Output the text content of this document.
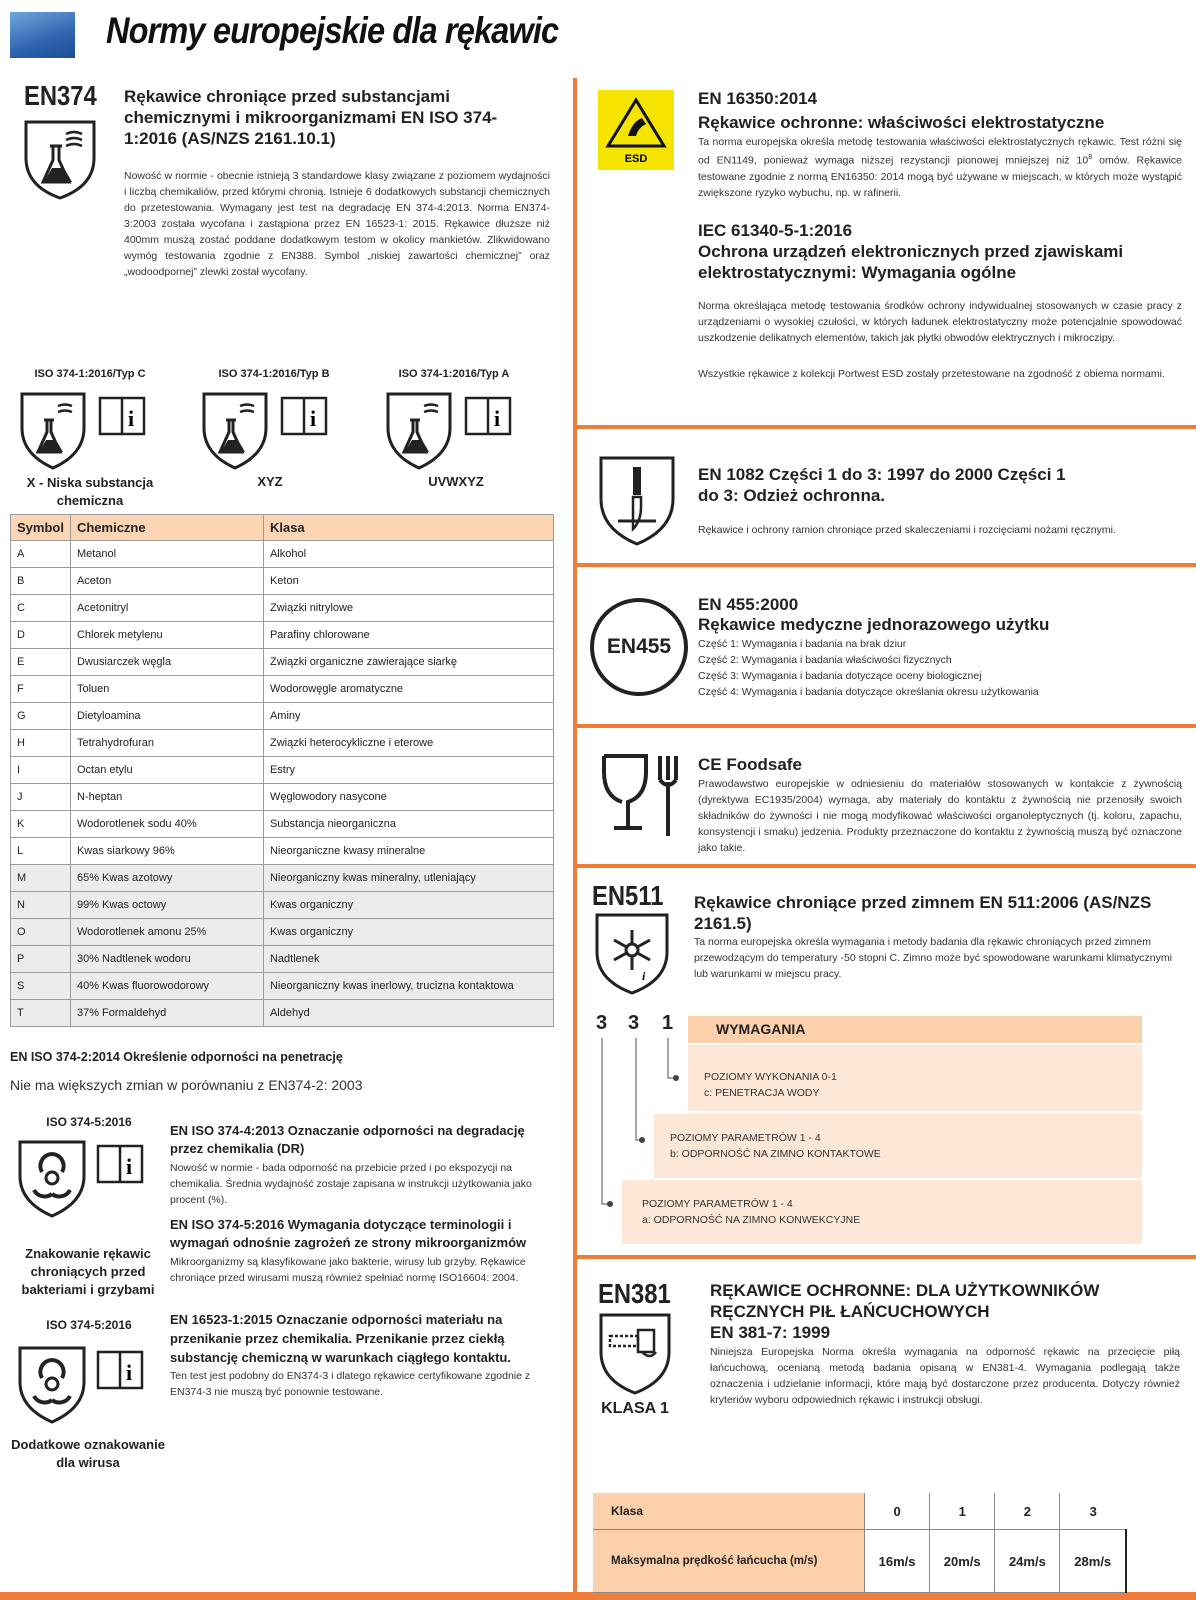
Normy europejskie dla rękawic
EN374 Rękawice chroniące przed substancjami chemicznymi i mikroorganizmami EN ISO 374-1:2016 (AS/NZS 2161.10.1)
Nowość w normie - obecnie istnieją 3 standardowe klasy związane z poziomem wydajności i liczbą chemikaliów, przed którymi chronią. Istnieje 6 dodatkowych substancji chemicznych do przetestowania. Wymagany jest test na degradację EN 374-4:2013. Norma EN374-3:2003 została wycofana i zastąpiona przez EN 16523-1: 2015. Rękawice dłuższe niż 400mm muszą zostać poddane dodatkowym testom w okolicy mankietów. Zlikwidowano wymóg testowania zgodnie z EN388. Symbol „niskiej zawartości chemicznej” oraz „wodoodpornej” zlewki został wycofany.
ISO 374-1:2016/Typ C	ISO 374-1:2016/Typ B	ISO 374-1:2016/Typ A
i	i	i
X - Niska substancja chemiczna
XYZ	UVWXYZ
Symbol	Chemiczne	Klasa
A	Metanol	Alkohol
B	Aceton	Keton
C	Acetonitryl	Związki nitrylowe
D	Chlorek metylenu	Parafiny chlorowane
E	Dwusiarczek węgla	Związki organiczne zawierające siarkę
F	Toluen	Wodorowęgle aromatyczne
G	Dietyloamina	Aminy
H	Tetrahydrofuran	Związki heterocykliczne i eterowe
I	Octan etylu	Estry
J	N-heptan	Węglowodory nasycone
K	Wodorotlenek sodu 40%	Substancja nieorganiczna
L	Kwas siarkowy 96%	Nieorganiczne kwasy mineralne
M	65% Kwas azotowy	Nieorganiczny kwas mineralny, utleniający
N	99% Kwas octowy	Kwas organiczny
O	Wodorotlenek amonu 25%	Kwas organiczny
P	30% Nadtlenek wodoru	Nadtlenek
S	40% Kwas fluorowodorowy	Nieorganiczny kwas inerlowy, trucizna kontaktowa
T	37% Formaldehyd	Aldehyd
EN ISO 374-2:2014 Określenie odporności na penetrację
Nie ma większych zmian w porównaniu z EN374-2: 2003
ISO 374-5:2016
i
Znakowanie rękawic chroniących przed bakteriami i grzybami
ISO 374-5:2016
i
Dodatkowe oznakowanie dla wirusa
EN ISO 374-4:2013 Oznaczanie odporności na degradację przez chemikalia (DR)
Nowość w normie - bada odporność na przebicie przed i po ekspozycji na chemikalia. Średnia wydajność zostaje zapisana w instrukcji użytkowania jako procent (%).
EN ISO 374-5:2016 Wymagania dotyczące terminologii i wymagań odnośnie zagrożeń ze strony mikroorganizmów
Mikroorganizmy są klasyfikowane jako bakterie, wirusy lub grzyby. Rękawice chroniące przed wirusami muszą również spełniać normę ISO16604: 2004.
EN 16523-1:2015 Oznaczanie odporności materiału na przenikanie przez chemikalia. Przenikanie przez ciekłą substancję chemiczną w warunkach ciągłego kontaktu.
Ten test jest podobny do EN374-3 i dlatego rękawice certyfikowane zgodnie z EN374-3 nie muszą być ponownie testowane.
ESD
EN 16350:2014
Rękawice ochronne: właściwości elektrostatyczne
Ta norma europejska określa metodę testowania właściwości elektrostatycznych rękawic. Test różni się od EN1149, ponieważ wymaga niższej rezystancji pionowej mniejszej niż $10^8$ omów. Rękawice testowane zgodnie z normą EN16350: 2014 mogą być używane w miejscach, w których może wystąpić zwiększone ryzyko wybuchu, np. w rafinerii.
IEC 61340-5-1:2016
Ochrona urządzeń elektronicznych przed zjawiskami elektrostatycznymi: Wymagania ogólne
Norma określająca metodę testowania środków ochrony indywidualnej stosowanych w czasie pracy z urządzeniami o wysokiej czułości, w których ładunek elektrostatyczny może potencjalnie spowodować uszkodzenie delikatnych elementów, takich jak płytki obwodów elektrycznych i mikroczipy.
Wszystkie rękawice z kolekcji Portwest ESD zostały przetestowane na zgodność z obiema normami.
EN 1082 Części 1 do 3: 1997 do 2000 Części 1 do 3: Odzież ochronna.
Rękawice i ochrony ramion chroniące przed skaleczeniami i rozcięciami nożami ręcznymi.
EN455
EN 455:2000
Rękawice medyczne jednorazowego użytku
Część 1: Wymagania i badania na brak dziur
Część 2: Wymagania i badania właściwości fizycznych
Część 3: Wymagania i badania dotyczące oceny biologicznej
Część 4: Wymagania i badania dotyczące określania okresu użytkowania
CE Foodsafe
Prawodawstwo europejskie w odniesieniu do materiałów stosowanych w kontakcie z żywnością (dyrektywa EC1935/2004) wymaga, aby materiały do kontaktu z żywnością nie przenosiły swoich składników do żywności i nie mogą modyfikować właściwości organoleptycznych (tj. koloru, zapachu, konsystencji i smaku) jedzenia. Produkty przeznaczone do kontaktu z żywnością muszą być oznaczone jako takie.
EN511
i
Rękawice chroniące przed zimnem EN 511:2006 (AS/NZS 2161.5)
Ta norma europejska określa wymagania i metody badania dla rękawic chroniących przed zimnem przewodzącym do temperatury -50 stopni C. Zimno może być spowodowane warunkami klimatycznymi lub warunkami w miejscu pracy.
3 3 1	WYMAGANIA
POZIOMY WYKONANIA 0-1
c: PENETRACJA WODY
POZIOMY PARAMETRÓW 1 - 4
b: ODPORNOŚĆ NA ZIMNO KONTAKTOWE
POZIOMY PARAMETRÓW 1 - 4
a: ODPORNOŚĆ NA ZIMNO KONWEKCYJNE
EN381
KLASA 1
RĘKAWICE OCHRONNE: DLA UŻYTKOWNIKÓW
RĘCZNYCH PIŁ ŁAŃCUCHOWYCH
EN 381-7: 1999
Niniejsza Europejska Norma określa wymagania na odporność rękawic na przecięcie piłą łańcuchową, ocenianą metodą badania opisaną w EN381-4. Wymagania podlegają także oznaczenia i udzielanie informacji, które mają być dostarczone przez producenta. Dotyczy również kryteriów wyboru odpowiednich rękawic i instrukcji obsługi.
Klasa	0	1	2	3
Maksymalna prędkość łańcucha (m/s)	16m/s	20m/s	24m/s	28m/s
